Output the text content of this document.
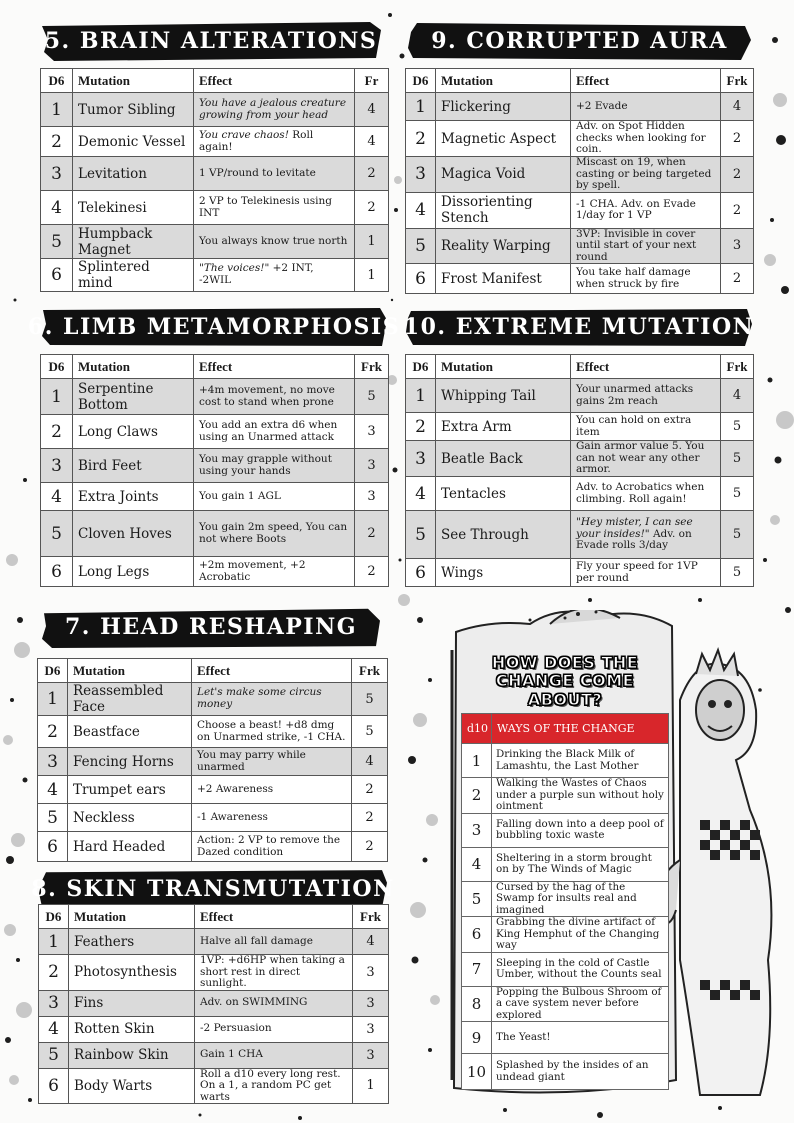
5. BRAIN ALTERATIONS
D6	Mutation	Effect	Fr
1	Tumor Sibling	You have a jealous creature growing from your head	4
2	Demonic Vessel	You crave chaos! Roll again!	4
3	Levitation	1 VP/round to levitate	2
4	Telekinesi	2 VP to Telekinesis using INT	2
5	Humpback Magnet	You always know true north	1
6	Splintered mind	"The voices!" +2 INT, -2WIL	1
9. CORRUPTED AURA
D6	Mutation	Effect	Frk
1	Flickering	+2 Evade	4
2	Magnetic Aspect	Adv. on Spot Hidden checks when looking for coin.	2
3	Magica Void	Miscast on 19, when casting or being targeted by spell.	2
4	Dissorienting Stench	-1 CHA. Adv. on Evade 1/day for 1 VP	2
5	Reality Warping	3VP: Invisible in cover until start of your next round	3
6	Frost Manifest	You take half damage when struck by fire	2
6. LIMB METAMORPHOSIS
D6	Mutation	Effect	Frk
1	Serpentine Bottom	+4m movement, no move cost to stand when prone	5
2	Long Claws	You add an extra d6 when using an Unarmed attack	3
3	Bird Feet	You may grapple without using your hands	3
4	Extra Joints	You gain 1 AGL	3
5	Cloven Hoves	You gain 2m speed, You can not where Boots	2
6	Long Legs	+2m movement, +2 Acrobatic	2
10. EXTREME MUTATION
D6	Mutation	Effect	Frk
1	Whipping Tail	Your unarmed attacks gains 2m reach	4
2	Extra Arm	You can hold on extra item	5
3	Beatle Back	Gain armor value 5. You can not wear any other armor.	5
4	Tentacles	Adv. to Acrobatics when climbing. Roll again!	5
5	See Through	"Hey mister, I can see your insides!" Adv. on Evade rolls 3/day	5
6	Wings	Fly your speed for 1VP per round	5
7. HEAD RESHAPING
D6	Mutation	Effect	Frk
1	Reassembled Face	Let's make some circus money	5
2	Beastface	Choose a beast! +d8 dmg on Unarmed strike, -1 CHA.	5
3	Fencing Horns	You may parry while unarmed	4
4	Trumpet ears	+2 Awareness	2
5	Neckless	-1 Awareness	2
6	Hard Headed	Action: 2 VP to remove the Dazed condition	2
8. SKIN TRANSMUTATION
D6	Mutation	Effect	Frk
1	Feathers	Halve all fall damage	4
2	Photosynthesis	1VP: +d6HP when taking a short rest in direct sunlight.	3
3	Fins	Adv. on SWIMMING	3
4	Rotten Skin	-2 Persuasion	3
5	Rainbow Skin	Gain 1 CHA	3
6	Body Warts	Roll a d10 every long rest. On a 1, a random PC get warts	1
HOW DOES THE CHANGE COME ABOUT?
d10	WAYS OF THE CHANGE
1	Drinking the Black Milk of Lamashtu, the Last Mother
2	Walking the Wastes of Chaos under a purple sun without holy ointment
3	Falling down into a deep pool of bubbling toxic waste
4	Sheltering in a storm brought on by The Winds of Magic
5	Cursed by the hag of the Swamp for insults real and imagined
6	Grabbing the divine artifact of King Hemphut of the Changing way
7	Sleeping in the cold of Castle Umber, without the Counts seal
8	Popping the Bulbous Shroom of a cave system never before explored
9	The Yeast!
10	Splashed by the insides of an undead giant
